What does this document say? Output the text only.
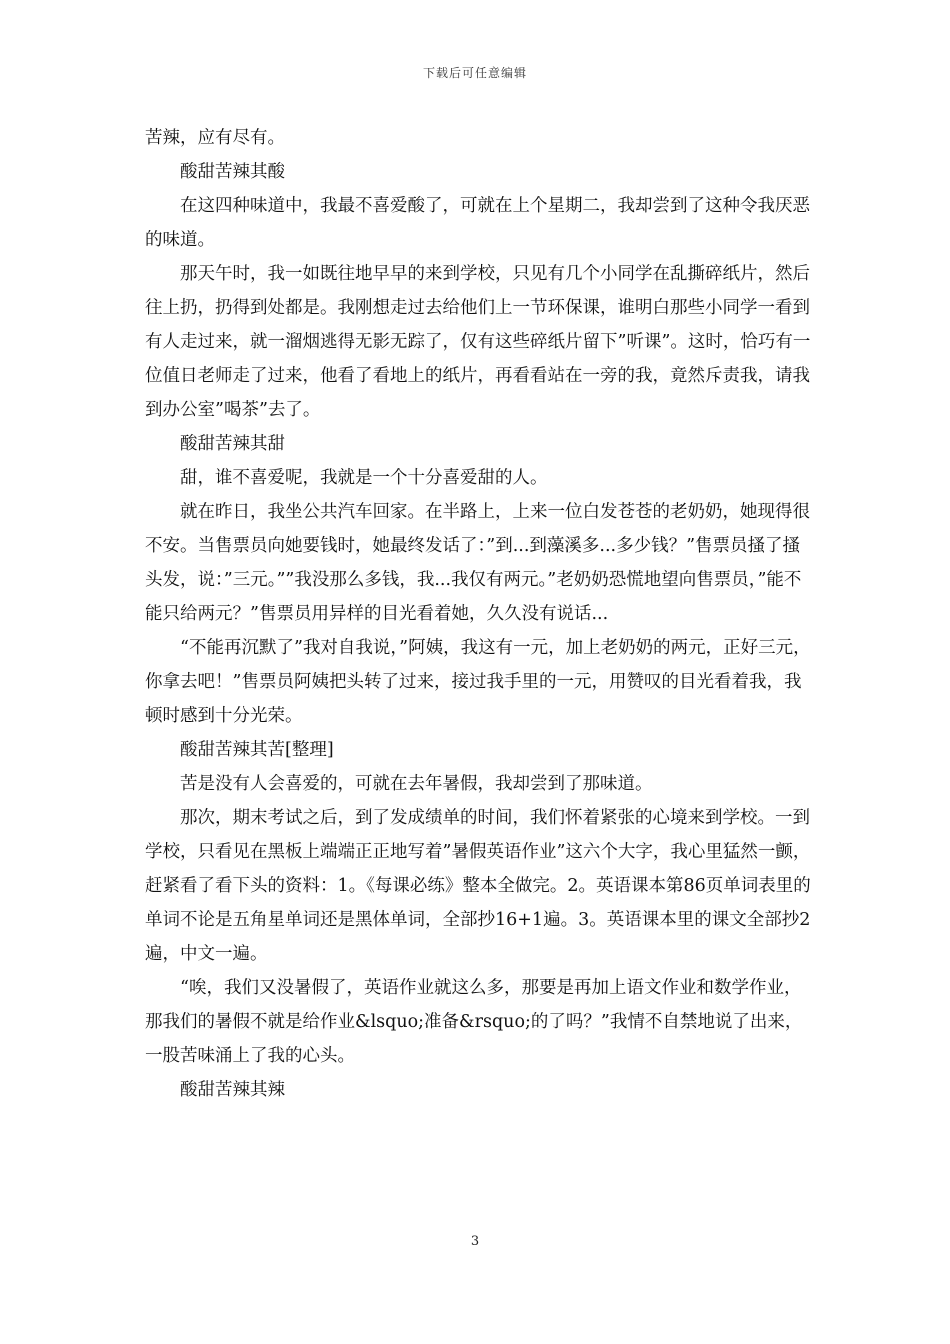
下载后可任意编辑

苦辣，应有尽有。

酸甜苦辣其酸

在这四种味道中，我最不喜爱酸了，可就在上个星期二，我却尝到了这种令我厌恶的味道。

那天午时，我一如既往地早早的来到学校，只见有几个小同学在乱撕碎纸片，然后往上扔，扔得到处都是。我刚想走过去给他们上一节环保课，谁明白那些小同学一看到有人走过来，就一溜烟逃得无影无踪了，仅有这些碎纸片留下”听课”。这时，恰巧有一位值日老师走了过来，他看了看地上的纸片，再看看站在一旁的我，竟然斥责我，请我到办公室”喝茶”去了。

酸甜苦辣其甜

甜，谁不喜爱呢，我就是一个十分喜爱甜的人。

就在昨日，我坐公共汽车回家。在半路上，上来一位白发苍苍的老奶奶，她现得很不安。当售票员向她要钱时，她最终发话了：”到...到藻溪多...多少钱？”售票员搔了搔头发，说：”三元。””我没那么多钱，我...我仅有两元。”老奶奶恐慌地望向售票员，”能不能只给两元？”售票员用异样的目光看着她，久久没有说话...

“不能再沉默了”我对自我说，”阿姨，我这有一元，加上老奶奶的两元，正好三元，你拿去吧！”售票员阿姨把头转了过来，接过我手里的一元，用赞叹的目光看着我，我顿时感到十分光荣。

酸甜苦辣其苦[整理]

苦是没有人会喜爱的，可就在去年暑假，我却尝到了那味道。

那次，期末考试之后，到了发成绩单的时间，我们怀着紧张的心境来到学校。一到学校，只看见在黑板上端端正正地写着”暑假英语作业”这六个大字，我心里猛然一颤，赶紧看了看下头的资料：1。《每课必练》整本全做完。2。英语课本第86页单词表里的单词不论是五角星单词还是黑体单词，全部抄16+1遍。3。英语课本里的课文全部抄2遍，中文一遍。

“唉，我们又没暑假了，英语作业就这么多，那要是再加上语文作业和数学作业，那我们的暑假不就是给作业&lsquo;准备&rsquo;的了吗？”我情不自禁地说了出来，一股苦味涌上了我的心头。

酸甜苦辣其辣

3
